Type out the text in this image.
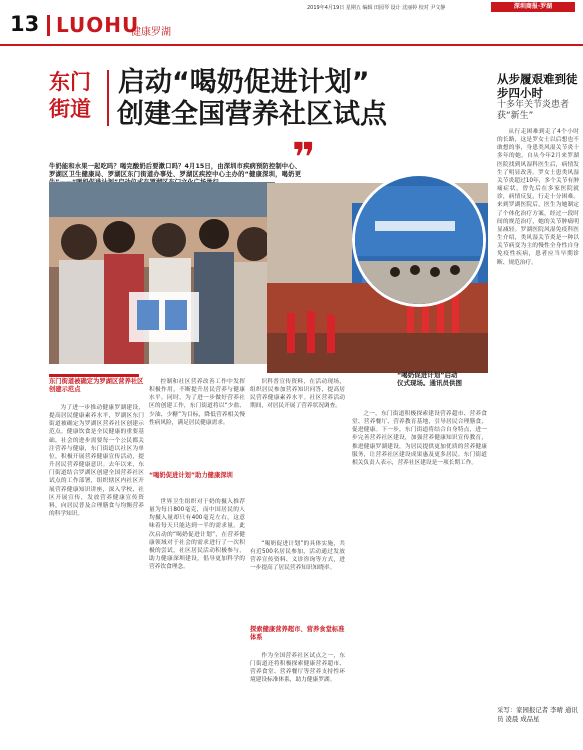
13 LUOHU
健康罗湖
2019年4月19日 星期五 编辑 田园琴 设计 沈丽婷 校对 尹文静	深圳商报·罗湖
东门
街道
启动“喝奶促进计划”
创建全国营养社区试点
牛奶能和水果一起吃吗？喝完酸奶后要漱口吗？4月15日，由深圳市疾病预防控制中心、罗湖区卫生健康局、罗湖区东门街道办事处、罗湖区疾控中心主办的“健康深圳，喝奶更
❞
“喝奶促进计划”启动仪式现场。通讯员供图
东门街道被确定为罗湖区营养社区创建示范点

为了进一步推动健康罗湖建设，提高居民健康素养水平，罗湖区东门街道被确定为罗湖区营养社区创建示范点。健康饮食是全民健康的重要基础，社会的进步需要每一个公民都关注营养与健康，东门街道以社区为单位，积极开展营养健康宣传活动，提升居民营养健康意识。去年以来，东门街道结合罗湖区创建全国营养社区试点的工作部署，组织辖区内社区开展营养健康知识讲座，深入学校、社区开展宣传，发放营养健康宣传资料，向居民普及合理膳食与均衡营养的科学知识。

控制和社区营养改善工作中发挥积极作用，不断提升居民营养与健康水平。同时，为了进一步做好营养社区的创建工作，东门街道将以“少盐、少油、少糖”为目标，降低营养相关慢性病风险，满足居民健康需求。

“喝奶促进计划”助力健康深圳

世界卫生组织对于奶的摄入推荐量为每日800毫克，而中国居民的人均摄入量却只有400毫克左右，这意味着每天只能达到一半的需求量。此次启动的“喝奶促进计划”，在营养健康领域对于社会的需求进行了一次积极的尝试，社区居民活动积极参与，助力健康深圳建设，倡导更加科学的营养饮食理念。

识科普宣传资料，在活动现场，组织居民参加营养知识问答，提高居民营养健康素养水平。社区营养活动期间，对居民开展了营养状况调查。

“喝奶促进计划”的具体实施，共有近500名居民参加，活动通过发放营养宣传资料、义诊咨询等方式，进一步提高了居民营养知识知晓率。

探索健康营养超市、营养食堂标准体系

作为全国营养社区试点之一，东门街道还将积极探索健康营养超市、营养食堂、营养餐厅等营养支持性环境建设标准体系，助力健康罗湖。

之一，东门街道积极探索建设营养超市、营养食堂、营养餐厅、营养教育基地，引导居民合理膳食，促进健康。下一步，东门街道将结合自身特点，进一步完善营养社区建设，加强营养健康知识宣传教育，推进健康罗湖建设，为居民提供更加优质的营养健康服务，让营养社区建设成果惠及更多居民。东门街道相关负责人表示，营养社区建设是一项长期工作。

从步履艰难到徒步四小时
十多年关节炎患者获“新生”

从行走困难到走了4个小时的长路，这是罗女士以后想也不敢想的事，身患类风湿关节炎十多年的她，自从今年2月来罗湖医院找到风湿科医生后，病情发生了明显改善。罗女士患类风湿关节炎超过10年，多个关节有肿痛症状，曾先后在多家医院就诊，病情反复，行走十分困难。来到罗湖医院后，医生为她制定了个体化治疗方案，经过一段时间的规范治疗，她的关节肿痛明显减轻。罗湖医院风湿免疫科医生介绍，类风湿关节炎是一种以关节病变为主的慢性全身性自身免疫性疾病，患者应当早期诊断、规范治疗。

采写：家园报记者 李晴 通讯员 凌晨 成品星
